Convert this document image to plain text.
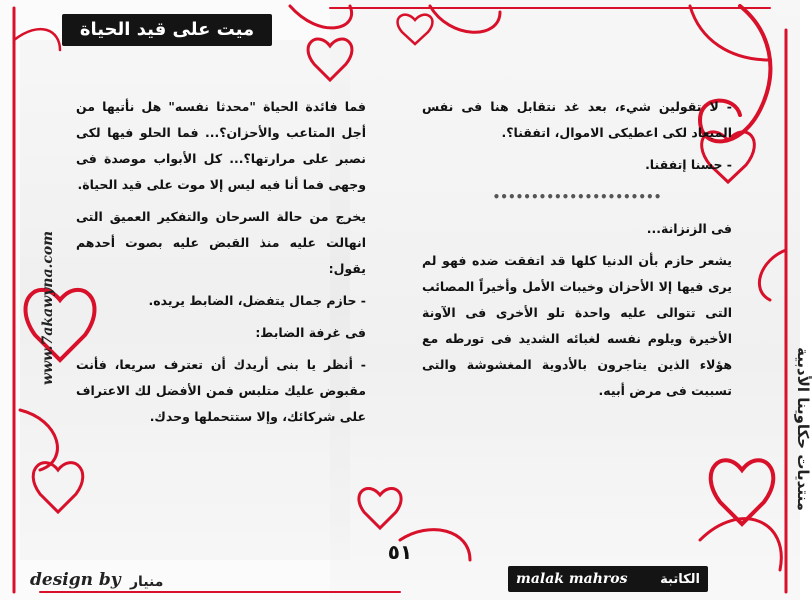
ميت على قيد الحياة
www.7akawyna.com
منتديات حكاوينا الأدبية

فما فائدة الحياة "محدثا نفسه" هل نأتيها من أجل المتاعب والأحزان؟... فما الحلو فيها لكى نصبر على مرارتها؟... كل الأبواب موصدة فى وجهى فما أنا فيه ليس إلا موت على قيد الحياة.

يخرج من حالة السرحان والتفكير العميق التى انهالت عليه منذ القبض عليه بصوت أحدهم يقول:

- حازم جمال يتفضل، الضابط يريده.

فى غرفة الضابط:

- أنظر يا بنى أريدك أن تعترف سريعا، فأنت مقبوض عليك متلبس فمن الأفضل لك الاعتراف على شركائك، وإلا ستتحملها وحدك.

- لا تقولين شيء، بعد غد نتقابل هنا فى نفس الميعاد لكى اعطيكى الاموال، اتفقنا؟.

- حسنا إتفقنا.

••••••••••••••••••••••

فى الزنزانة...

يشعر حازم بأن الدنيا كلها قد اتفقت ضده فهو لم يرى فيها إلا الأحزان وخيبات الأمل وأخيراً المصائب التى تتوالى عليه واحدة تلو الأخرى فى الآونة الأخيرة ويلوم نفسه لغبائه الشديد فى تورطه مع هؤلاء الذين يتاجرون بالأدوية المغشوشة والتى تسببت فى مرض أبيه.

٥١
design by منيار	malak mahros	الكاتبة
